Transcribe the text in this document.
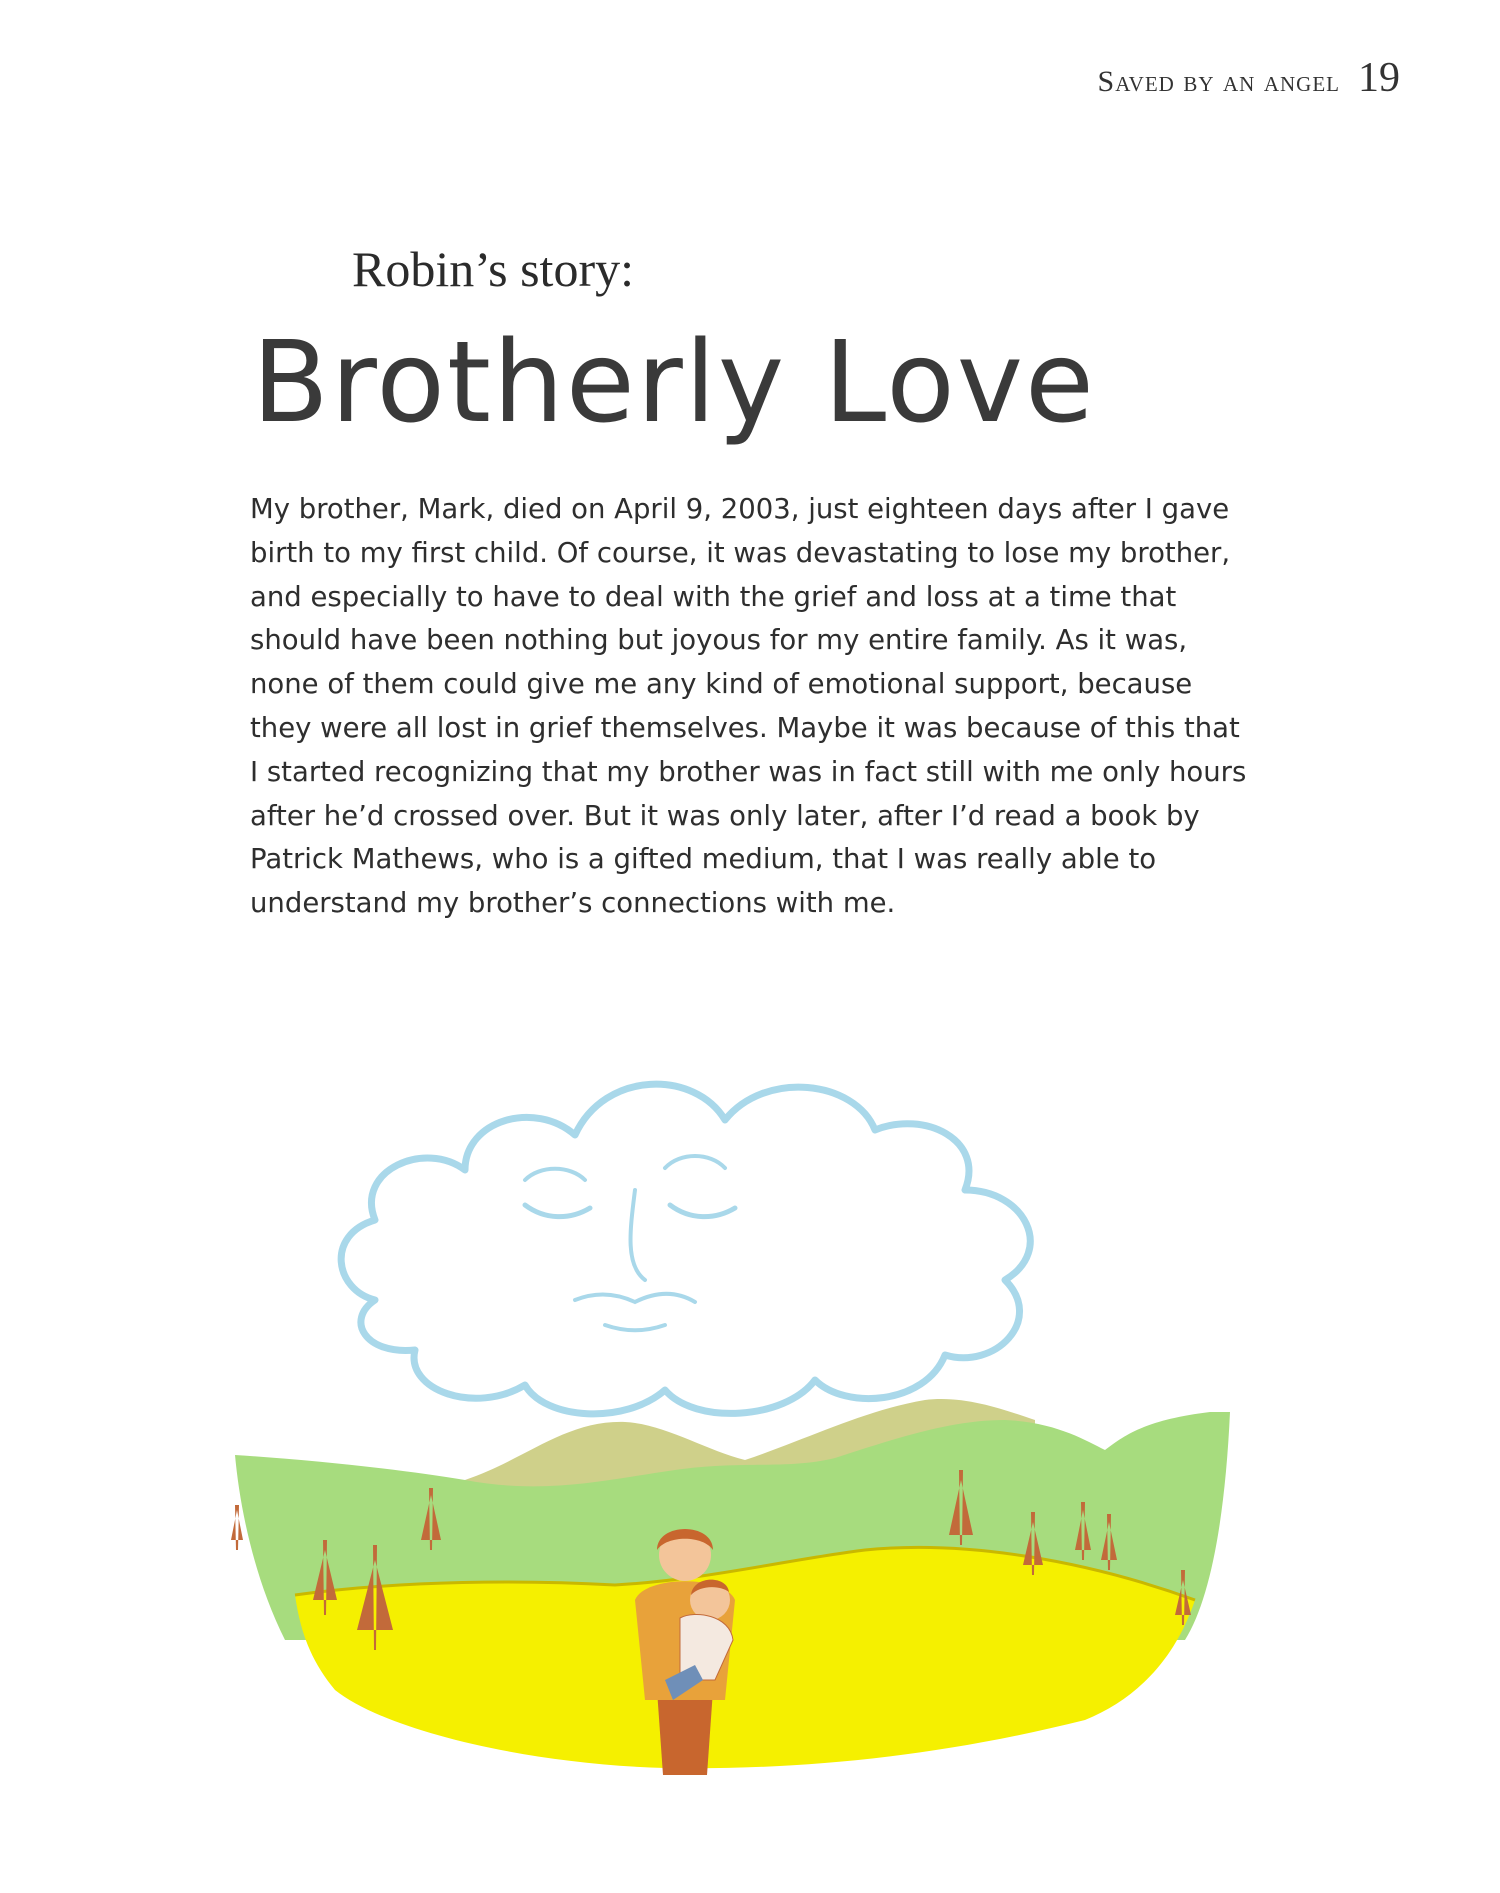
Saved by an angel 19
Robin’s story:
Brotherly Love
My brother, Mark, died on April 9, 2003, just eighteen days after I gave birth to my first child. Of course, it was devastating to lose my brother, and especially to have to deal with the grief and loss at a time that should have been nothing but joyous for my entire family. As it was, none of them could give me any kind of emotional support, because they were all lost in grief themselves. Maybe it was because of this that I started recognizing that my brother was in fact still with me only hours after he’d crossed over. But it was only later, after I’d read a book by Patrick Mathews, who is a gifted medium, that I was really able to understand my brother’s connections with me.
